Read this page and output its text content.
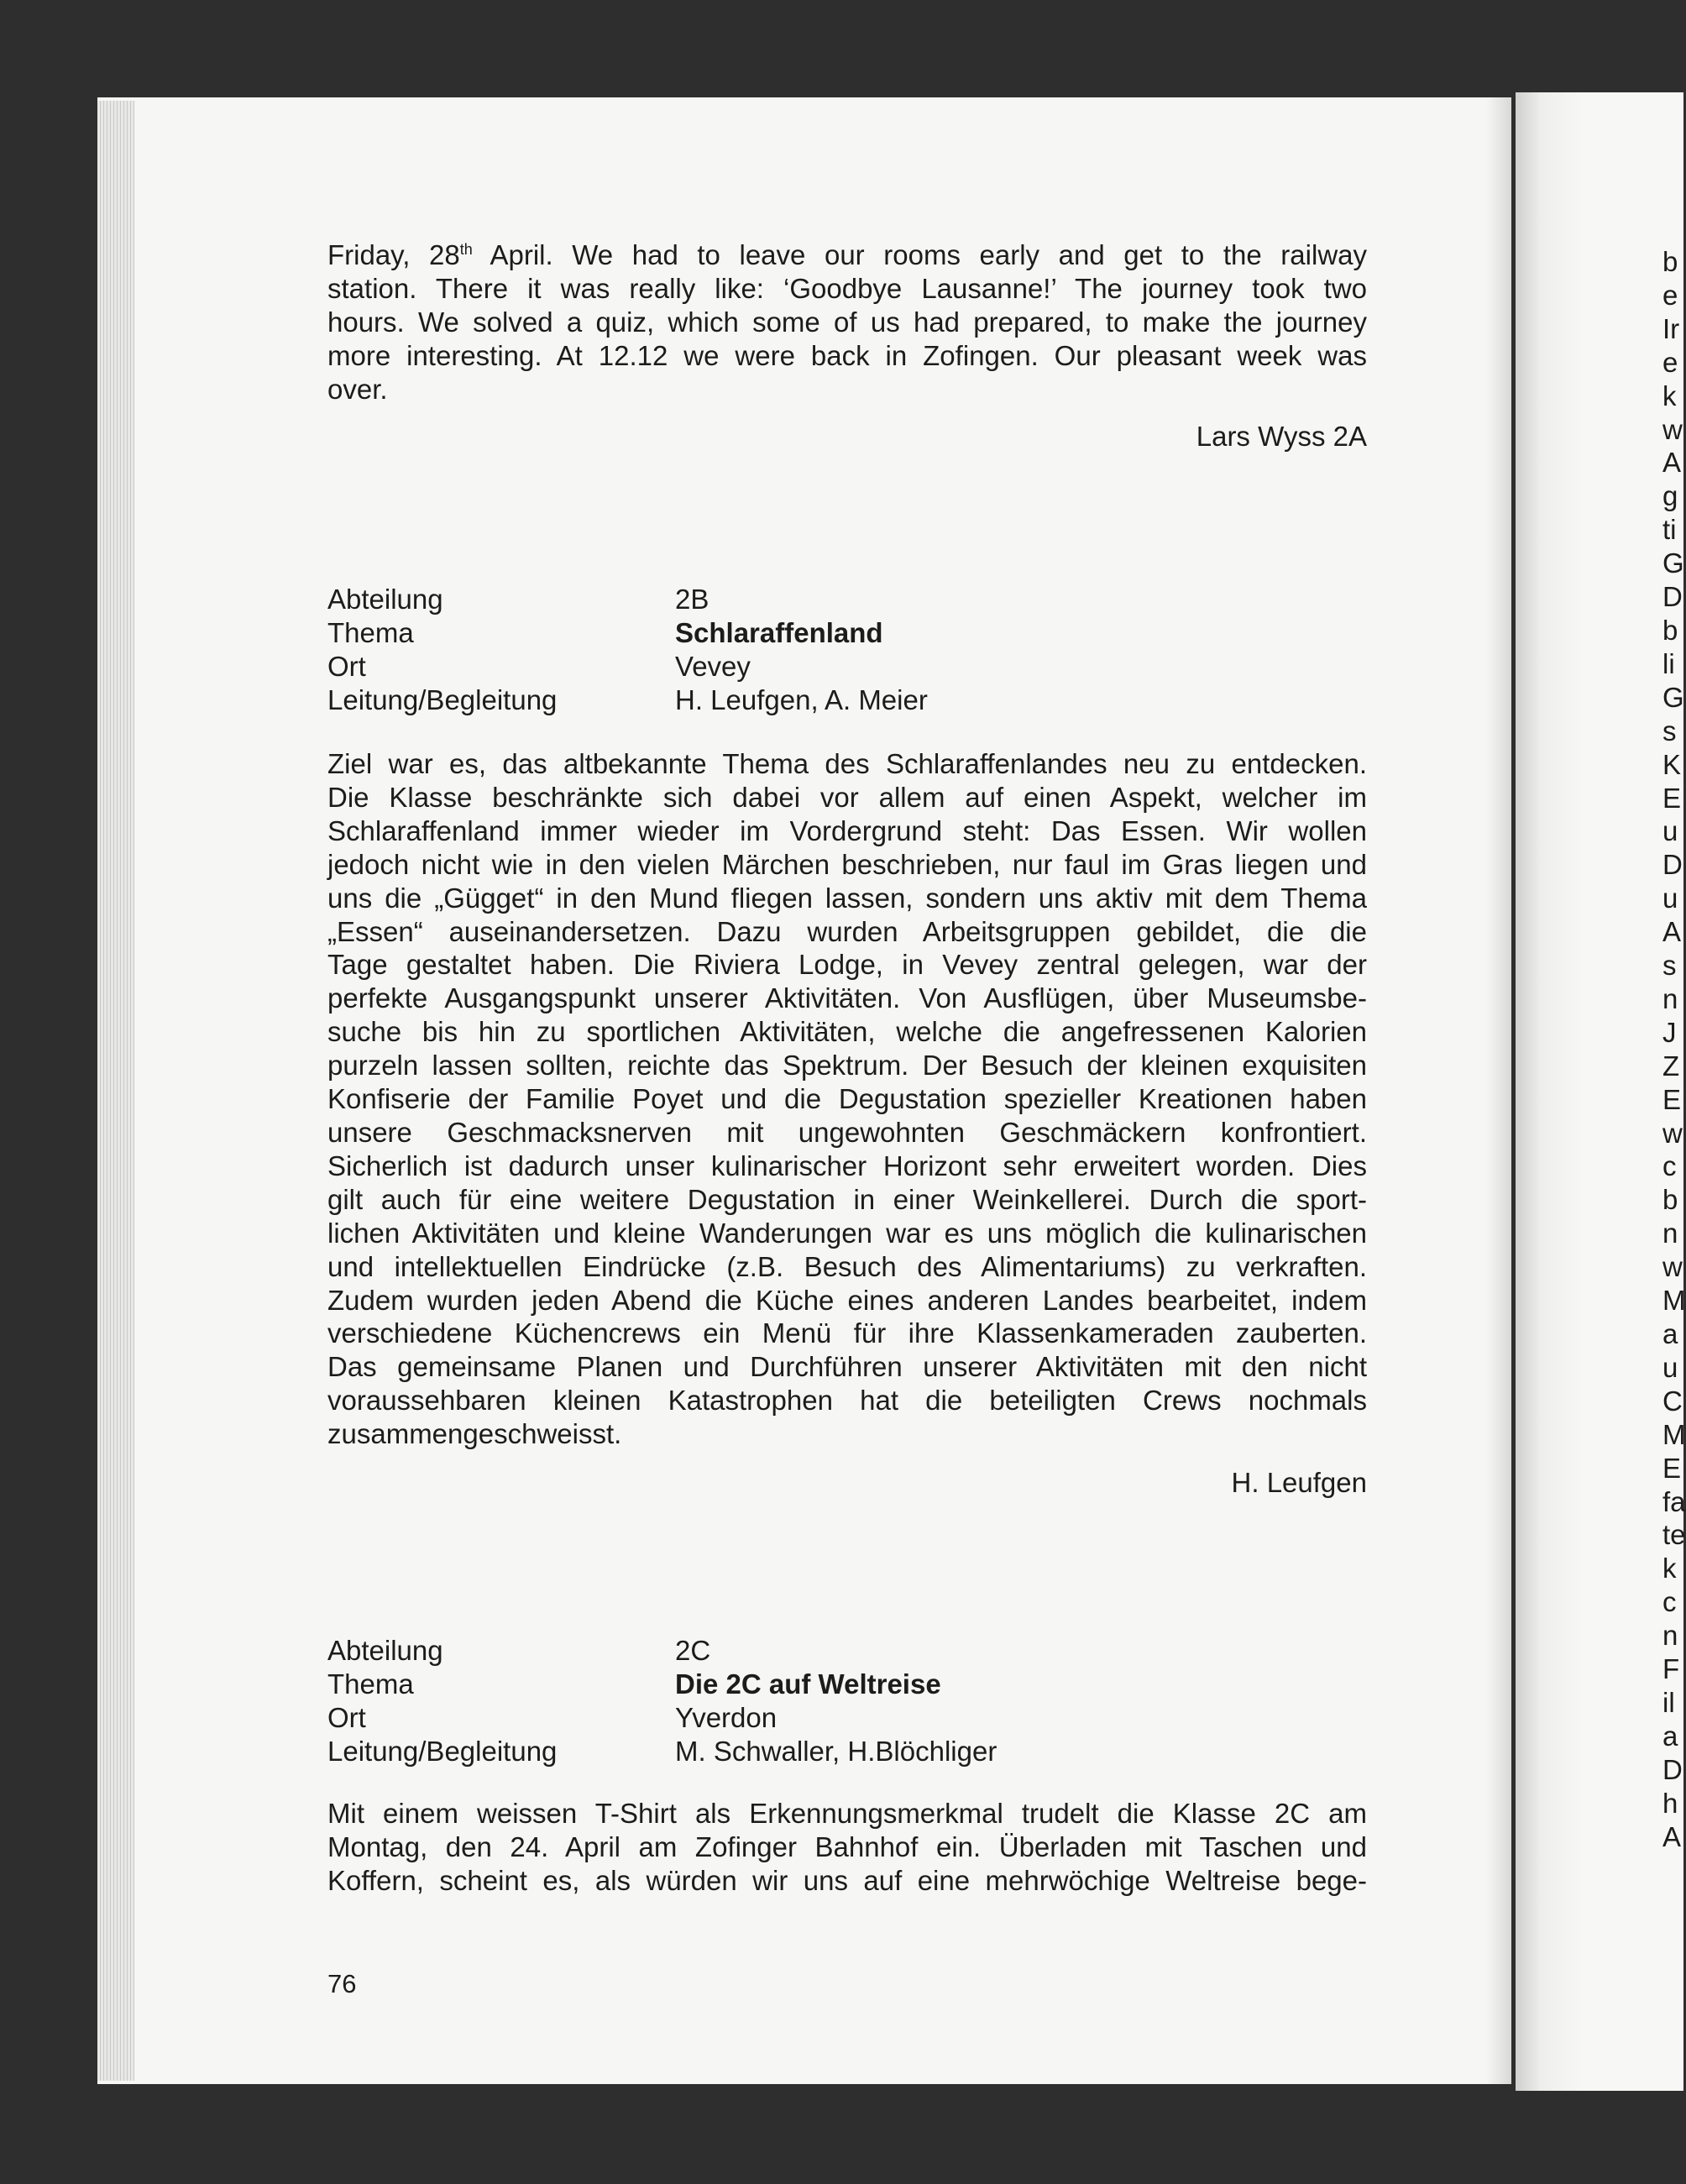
b
e
Ir
e
k
w
A
g
ti
G
D
b
li
G
s
K
E
u
D
u
A
s
n
J
Z
E
w
c
b
n
w
M
a
u
C
M
E
fa
te
k
c
n
F
il
a
D
h
A
Friday, 28th April. We had to leave our rooms early and get to the railway
station. There it was really like: ‘Goodbye Lausanne!’ The journey took two
hours. We solved a quiz, which some of us had prepared, to make the journey
more interesting. At 12.12 we were back in Zofingen. Our pleasant week was
over.
Lars Wyss 2A
Abteilung	2B
Thema	Schlaraffenland
Ort	Vevey
Leitung/Begleitung	H. Leufgen, A. Meier
Ziel war es, das altbekannte Thema des Schlaraffenlandes neu zu entdecken.
Die Klasse beschränkte sich dabei vor allem auf einen Aspekt, welcher im
Schlaraffenland immer wieder im Vordergrund steht: Das Essen. Wir wollen
jedoch nicht wie in den vielen Märchen beschrieben, nur faul im Gras liegen und
uns die „Gügget“ in den Mund fliegen lassen, sondern uns aktiv mit dem Thema
„Essen“ auseinandersetzen. Dazu wurden Arbeitsgruppen gebildet, die die
Tage gestaltet haben. Die Riviera Lodge, in Vevey zentral gelegen, war der
perfekte Ausgangspunkt unserer Aktivitäten. Von Ausflügen, über Museumsbe-
suche bis hin zu sportlichen Aktivitäten, welche die angefressenen Kalorien
purzeln lassen sollten, reichte das Spektrum. Der Besuch der kleinen exquisiten
Konfiserie der Familie Poyet und die Degustation spezieller Kreationen haben
unsere Geschmacksnerven mit ungewohnten Geschmäckern konfrontiert.
Sicherlich ist dadurch unser kulinarischer Horizont sehr erweitert worden. Dies
gilt auch für eine weitere Degustation in einer Weinkellerei. Durch die sport-
lichen Aktivitäten und kleine Wanderungen war es uns möglich die kulinarischen
und intellektuellen Eindrücke (z.B. Besuch des Alimentariums) zu verkraften.
Zudem wurden jeden Abend die Küche eines anderen Landes bearbeitet, indem
verschiedene Küchencrews ein Menü für ihre Klassenkameraden zauberten.
Das gemeinsame Planen und Durchführen unserer Aktivitäten mit den nicht
voraussehbaren kleinen Katastrophen hat die beteiligten Crews nochmals
zusammengeschweisst.
H. Leufgen
Abteilung	2C
Thema	Die 2C auf Weltreise
Ort	Yverdon
Leitung/Begleitung	M. Schwaller, H.Blöchliger
Mit einem weissen T-Shirt als Erkennungsmerkmal trudelt die Klasse 2C am
Montag, den 24. April am Zofinger Bahnhof ein. Überladen mit Taschen und
Koffern, scheint es, als würden wir uns auf eine mehrwöchige Weltreise bege-
76
